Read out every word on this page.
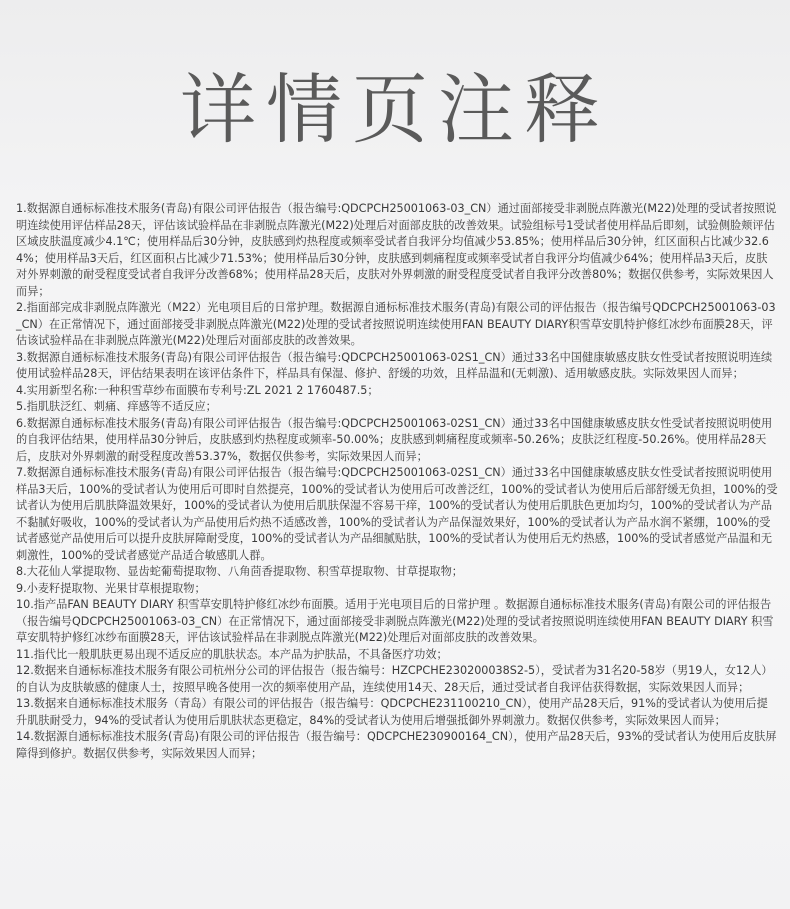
详情页注释

1.数据源自通标标准技术服务(青岛)有限公司评估报告（报告编号:QDCPCH25001063-03_CN）通过面部接受非剥脱点阵激光(M22)处理的受试者按照说明连续使用评估样品28天，评估该试验样品在非剥脱点阵激光(M22)处理后对面部皮肤的改善效果。试验组标号1受试者使用样品后即刻，试验侧脸颊评估区域皮肤温度减少4.1℃；使用样品后30分钟，皮肤感到灼热程度或频率受试者自我评分均值减少53.85%；使用样品后30分钟，红区面积占比减少32.64%；使用样品3天后，红区面积占比减少71.53%；使用样品后30分钟，皮肤感到刺痛程度或频率受试者自我评分均值减少64%；使用样品3天后，皮肤对外界刺激的耐受程度受试者自我评分改善68%；使用样品28天后，皮肤对外界刺激的耐受程度受试者自我评分改善80%；数据仅供参考，实际效果因人而异；

2.指面部完成非剥脱点阵激光（M22）光电项目后的日常护理。数据源自通标标准技术服务(青岛)有限公司的评估报告（报告编号QDCPCH25001063-03_CN）在正常情况下，通过面部接受非剥脱点阵激光(M22)处理的受试者按照说明连续使用FAN BEAUTY DIARY积雪草安肌特护修红冰纱布面膜28天，评估该试验样品在非剥脱点阵激光(M22)处理后对面部皮肤的改善效果。

3.数据源自通标标准技术服务(青岛)有限公司评估报告（报告编号:QDCPCH25001063-02S1_CN）通过33名中国健康敏感皮肤女性受试者按照说明连续使用试验样品28天，评估结果表明在该评估条件下，样品具有保湿、修护、舒缓的功效，且样品温和(无刺激)、适用敏感皮肤。实际效果因人而异；

4.实用新型名称:一种积雪草纱布面膜布专利号:ZL 2021 2 1760487.5；

5.指肌肤泛红、刺痛、痒感等不适反应；

6.数据源自通标标准技术服务(青岛)有限公司评估报告（报告编号:QDCPCH25001063-02S1_CN）通过33名中国健康敏感皮肤女性受试者按照说明使用的自我评估结果，使用样品30分钟后，皮肤感到灼热程度或频率-50.00%；皮肤感到刺痛程度或频率-50.26%；皮肤泛红程度-50.26%。使用样品28天后，皮肤对外界刺激的耐受程度改善53.37%，数据仅供参考，实际效果因人而异；

7.数据源自通标标准技术服务(青岛)有限公司评估报告（报告编号:QDCPCH25001063-02S1_CN）通过33名中国健康敏感皮肤女性受试者按照说明使用样品3天后，100%的受试者认为使用后可即时自然提亮，100%的受试者认为使用后可改善泛红，100%的受试者认为使用后后部舒缓无负担，100%的受试者认为使用后肌肤降温效果好，100%的受试者认为使用后肌肤保湿不容易干痒，100%的受试者认为使用后肌肤色更加均匀，100%的受试者认为产品不黏腻好吸收，100%的受试者认为产品使用后灼热不适感改善，100%的受试者认为产品保湿效果好，100%的受试者认为产品水润不紧绷，100%的受试者感觉产品使用后可以提升皮肤屏障耐受度，100%的受试者认为产品细腻贴肤，100%的受试者认为使用后无灼热感，100%的受试者感觉产品温和无刺激性，100%的受试者感觉产品适合敏感肌人群。

8.大花仙人掌提取物、显齿蛇葡萄提取物、八角茴香提取物、积雪草提取物、甘草提取物；

9.小麦籽提取物、光果甘草根提取物；

10.指产品FAN BEAUTY DIARY 积雪草安肌特护修红冰纱布面膜。适用于光电项目后的日常护理 。数据源自通标标准技术服务(青岛)有限公司的评估报告（报告编号QDCPCH25001063-03_CN）在正常情况下，通过面部接受非剥脱点阵激光(M22)处理的受试者按照说明连续使用FAN BEAUTY DIARY 积雪草安肌特护修红冰纱布面膜28天，评估该试验样品在非剥脱点阵激光(M22)处理后对面部皮肤的改善效果。

11.指代比一般肌肤更易出现不适反应的肌肤状态。本产品为护肤品，不具备医疗功效；

12.数据来自通标标准技术服务有限公司杭州分公司的评估报告（报告编号：HZCPCHE230200038S2-5），受试者为31名20-58岁（男19人，女12人）的自认为皮肤敏感的健康人士，按照早晚各使用一次的频率使用产品，连续使用14天、28天后，通过受试者自我评估获得数据，实际效果因人而异；

13.数据来自通标标准技术服务（青岛）有限公司的评估报告（报告编号：QDCPCHE231100210_CN），使用产品28天后，91%的受试者认为使用后提升肌肤耐受力，94%的受试者认为使用后肌肤状态更稳定，84%的受试者认为使用后增强抵御外界刺激力。数据仅供参考，实际效果因人而异；

14.数据源自通标标准技术服务(青岛)有限公司的评估报告（报告编号：QDCPCHE230900164_CN），使用产品28天后，93%的受试者认为使用后皮肤屏障得到修护。数据仅供参考，实际效果因人而异；
